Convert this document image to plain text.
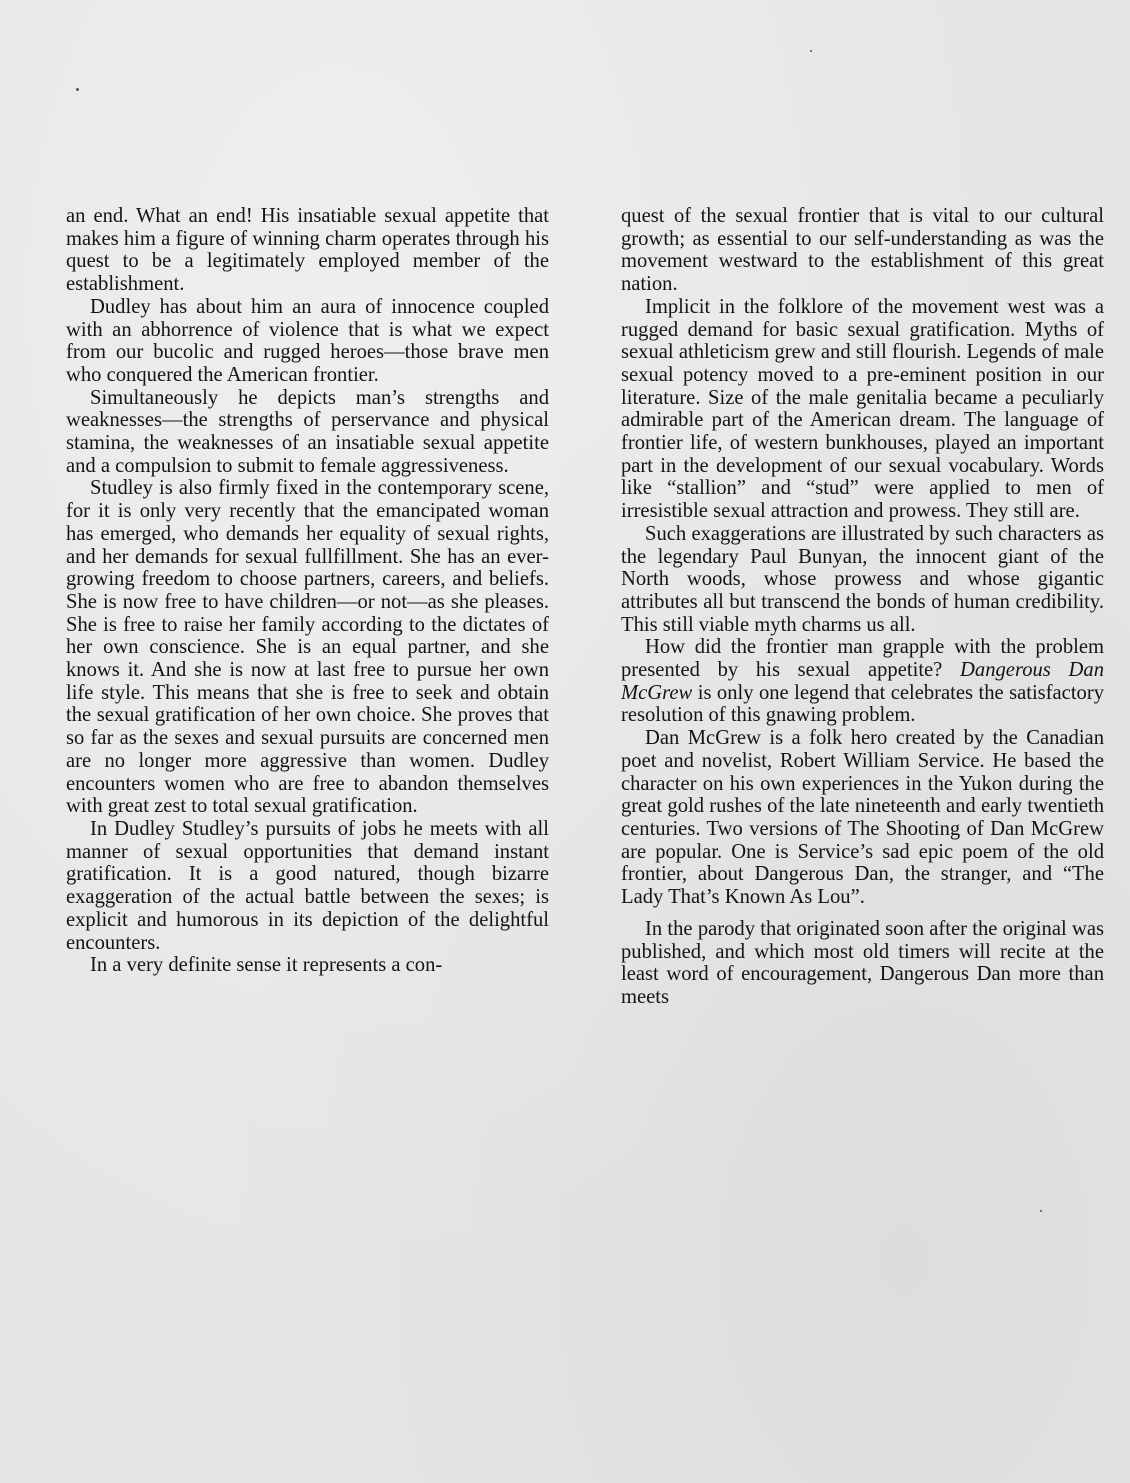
an end. What an end! His insatiable sexual appetite that makes him a figure of winning charm operates through his quest to be a legitimately employed member of the establishment.

Dudley has about him an aura of innocence coupled with an abhorrence of violence that is what we expect from our bucolic and rugged heroes—those brave men who conquered the American frontier.

Simultaneously he depicts man’s strengths and weaknesses—the strengths of perservance and physical stamina, the weaknesses of an insatiable sexual appetite and a compulsion to submit to female aggressiveness.

Studley is also firmly fixed in the contemporary scene, for it is only very recently that the emancipated woman has emerged, who demands her equality of sexual rights, and her demands for sexual fullfillment. She has an ever-growing freedom to choose partners, careers, and beliefs. She is now free to have children—or not—as she pleases. She is free to raise her family according to the dictates of her own conscience. She is an equal partner, and she knows it. And she is now at last free to pursue her own life style. This means that she is free to seek and obtain the sexual gratification of her own choice. She proves that so far as the sexes and sexual pursuits are concerned men are no longer more aggressive than women. Dudley encounters women who are free to abandon themselves with great zest to total sexual gratification.

In Dudley Studley’s pursuits of jobs he meets with all manner of sexual opportunities that demand instant gratification. It is a good natured, though bizarre exaggeration of the actual battle between the sexes; is explicit and humorous in its depiction of the delightful encounters.

In a very definite sense it represents a con-

quest of the sexual frontier that is vital to our cultural growth; as essential to our self-understanding as was the movement westward to the establishment of this great nation.

Implicit in the folklore of the movement west was a rugged demand for basic sexual gratification. Myths of sexual athleticism grew and still flourish. Legends of male sexual potency moved to a pre-eminent position in our literature. Size of the male genitalia became a peculiarly admirable part of the American dream. The language of frontier life, of western bunkhouses, played an important part in the development of our sexual vocabulary. Words like “stallion” and “stud” were applied to men of irresistible sexual attraction and prowess. They still are.

Such exaggerations are illustrated by such characters as the legendary Paul Bunyan, the innocent giant of the North woods, whose prowess and whose gigantic attributes all but transcend the bonds of human credibility. This still viable myth charms us all.

How did the frontier man grapple with the problem presented by his sexual appetite? Dangerous Dan McGrew is only one legend that celebrates the satisfactory resolution of this gnawing problem.

Dan McGrew is a folk hero created by the Canadian poet and novelist, Robert William Service. He based the character on his own experiences in the Yukon during the great gold rushes of the late nineteenth and early twentieth centuries. Two versions of The Shooting of Dan McGrew are popular. One is Service’s sad epic poem of the old frontier, about Dangerous Dan, the stranger, and “The Lady That’s Known As Lou”.

In the parody that originated soon after the original was published, and which most old timers will recite at the least word of encouragement, Dangerous Dan more than meets
